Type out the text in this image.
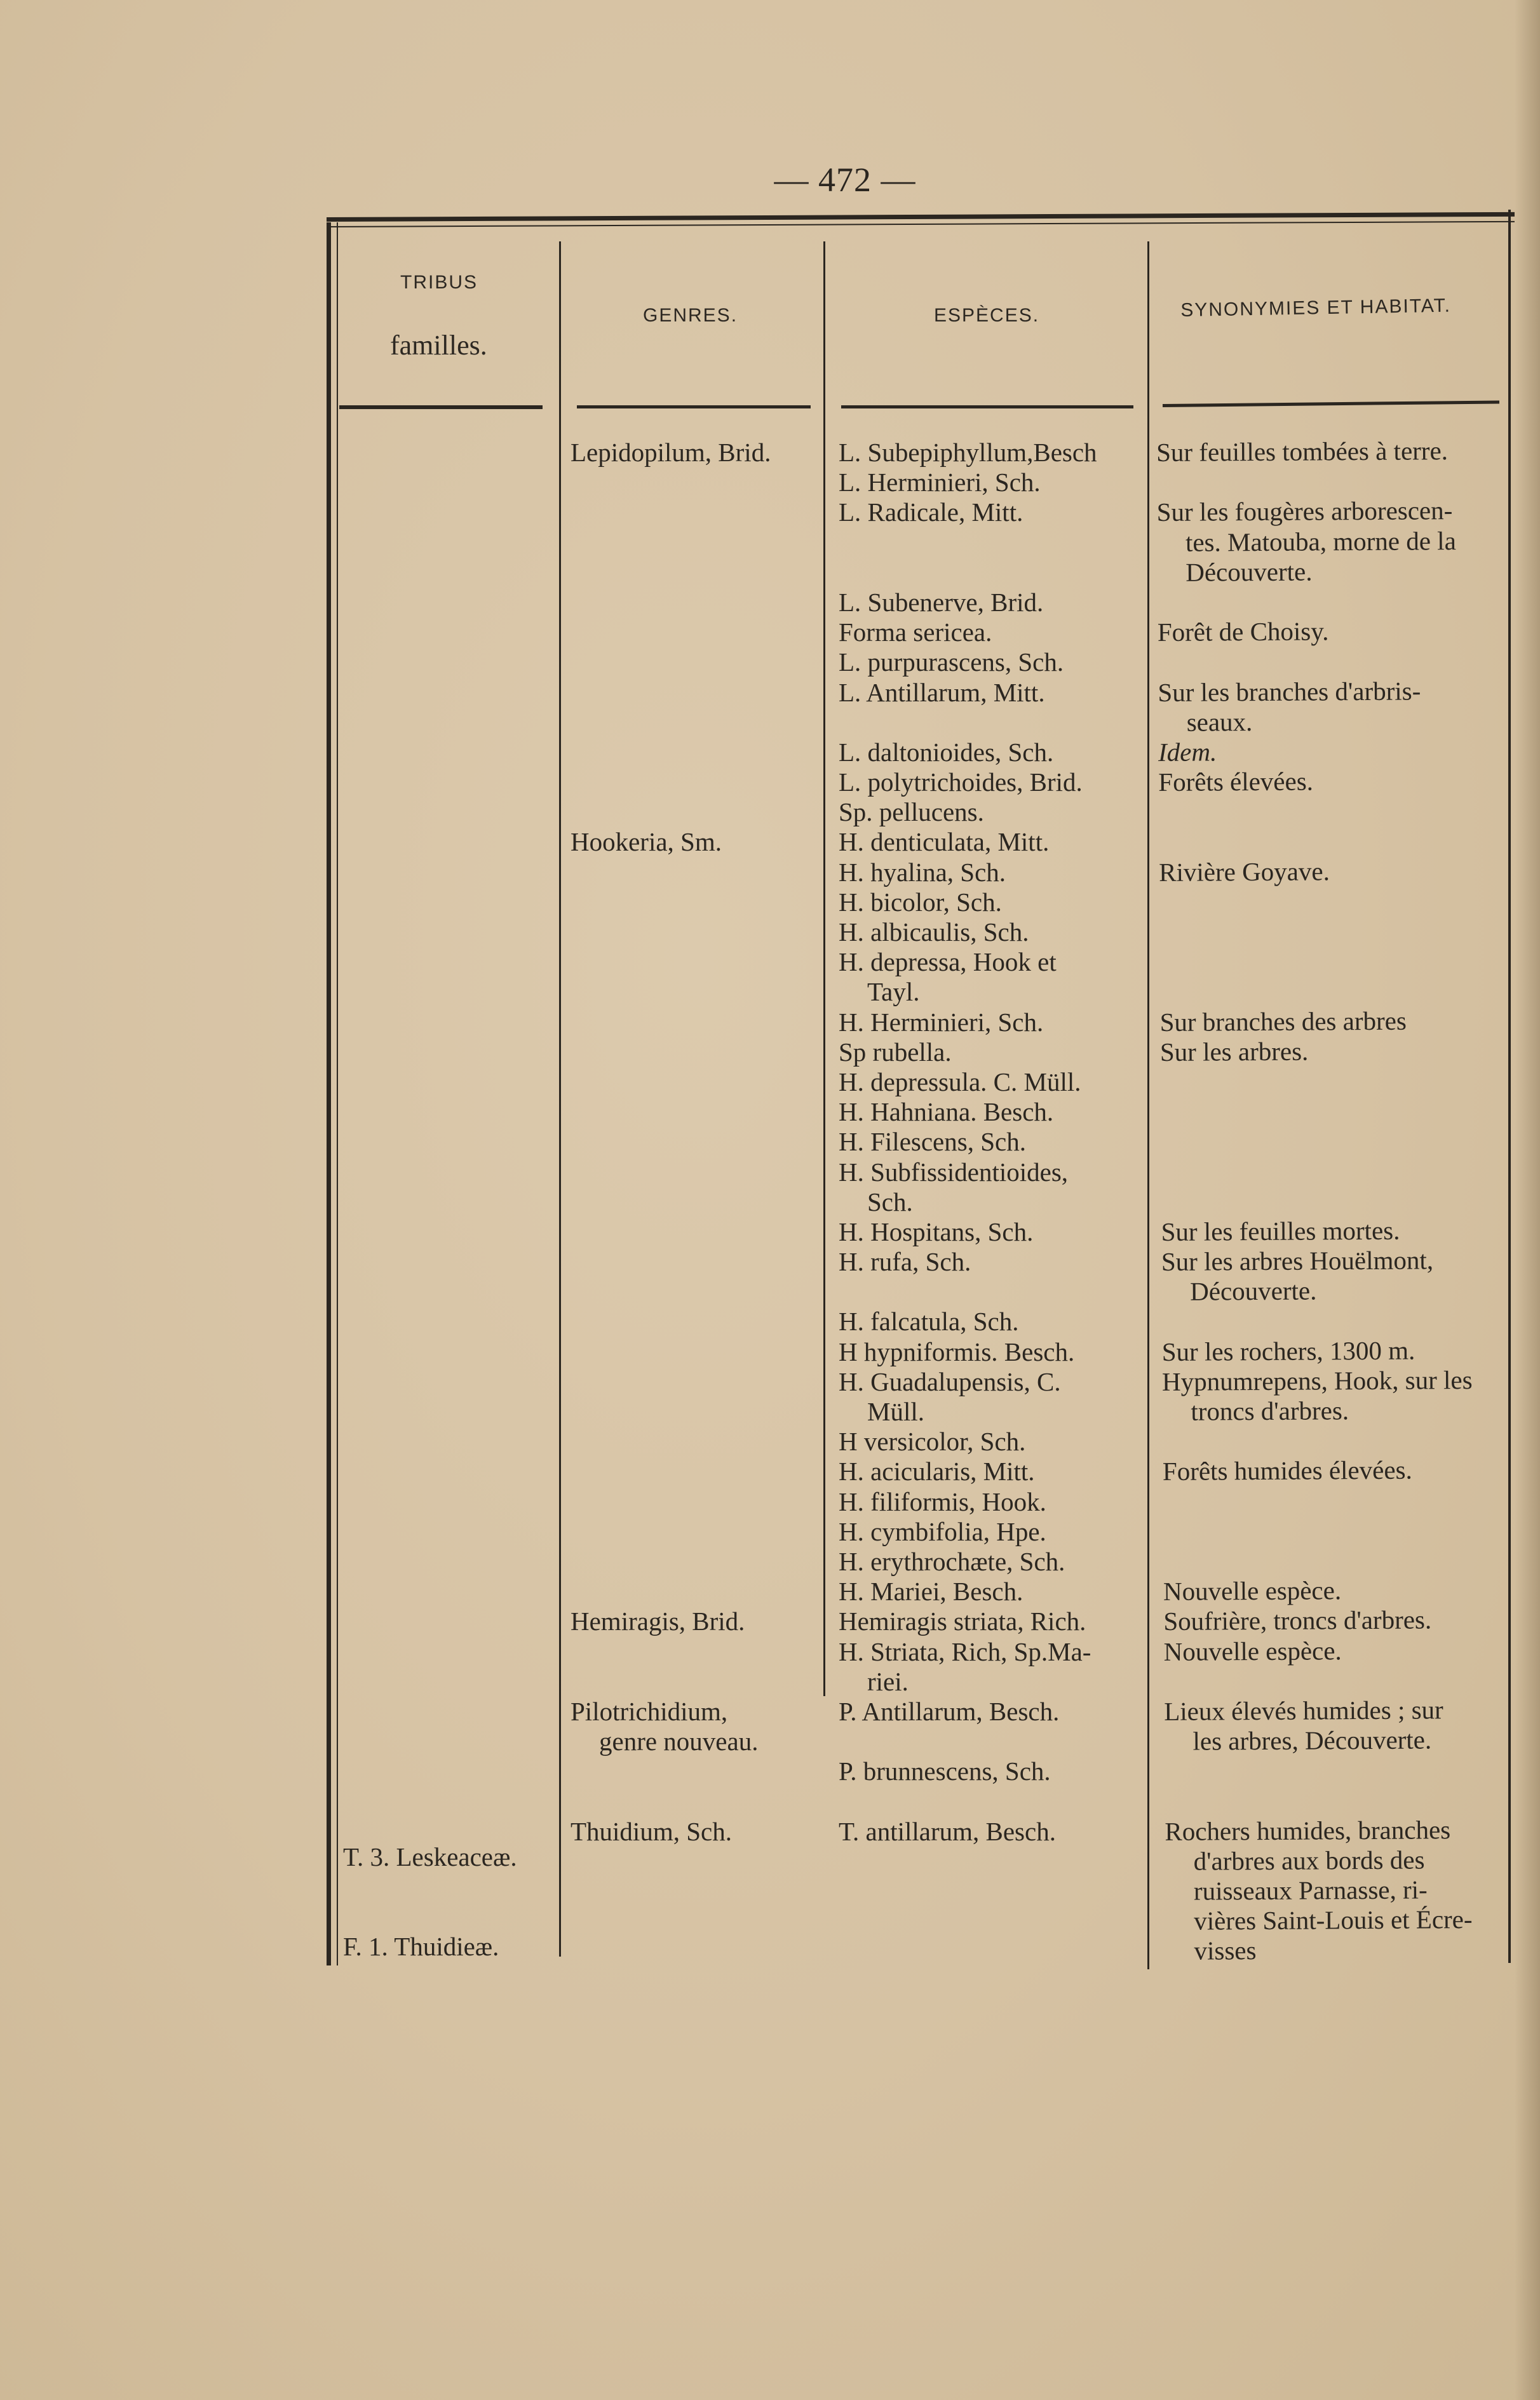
— 472 —
TRIBUS
familles.
GENRES.	ESPÈCES.	SYNONYMIES ET HABITAT.

T. 3. Leskeaceæ.

F. 1. Thuidieæ.

Lepidopilum, Brid.
Hookeria, Sm.
Hemiragis, Brid.
Pilotrichidium,
genre nouveau.
Thuidium, Sch.
L. Subepiphyllum,Besch
L. Herminieri, Sch.
L. Radicale, Mitt.
L. Subenerve, Brid.
Forma sericea.
L. purpurascens, Sch.
L. Antillarum, Mitt.
L. daltonioides, Sch.
L. polytrichoides, Brid.
Sp. pellucens.
H. denticulata, Mitt.
H. hyalina, Sch.
H. bicolor, Sch.
H. albicaulis, Sch.
H. depressa, Hook et
Tayl.
H. Herminieri, Sch.
Sp rubella.
H. depressula. C. Müll.
H. Hahniana. Besch.
H. Filescens, Sch.
H. Subfissidentioides,
Sch.
H. Hospitans, Sch.
H. rufa, Sch.
H. falcatula, Sch.
H hypniformis. Besch.
H. Guadalupensis, C.
Müll.
H versicolor, Sch.
H. acicularis, Mitt.
H. filiformis, Hook.
H. cymbifolia, Hpe.
H. erythrochæte, Sch.
H. Mariei, Besch.
Hemiragis striata, Rich.
H. Striata, Rich, Sp.Ma-
riei.
P. Antillarum, Besch.
P. brunnescens, Sch.
T. antillarum, Besch.
Sur feuilles tombées à terre.
Sur les fougères arborescen-
tes. Matouba, morne de la
Découverte.
Forêt de Choisy.
Sur les branches d'arbris-
seaux.
Idem.
Forêts élevées.
Rivière Goyave.
Sur branches des arbres
Sur les arbres.
Sur les feuilles mortes.
Sur les arbres Houëlmont,
Découverte.
Sur les rochers, 1300 m.
Hypnumrepens, Hook, sur les
troncs d'arbres.
Forêts humides élevées.
Nouvelle espèce.
Soufrière, troncs d'arbres.
Nouvelle espèce.
Lieux élevés humides ; sur
les arbres, Découverte.
Rochers humides, branches
d'arbres aux bords des
ruisseaux Parnasse, ri-
vières Saint-Louis et Écre-
visses
